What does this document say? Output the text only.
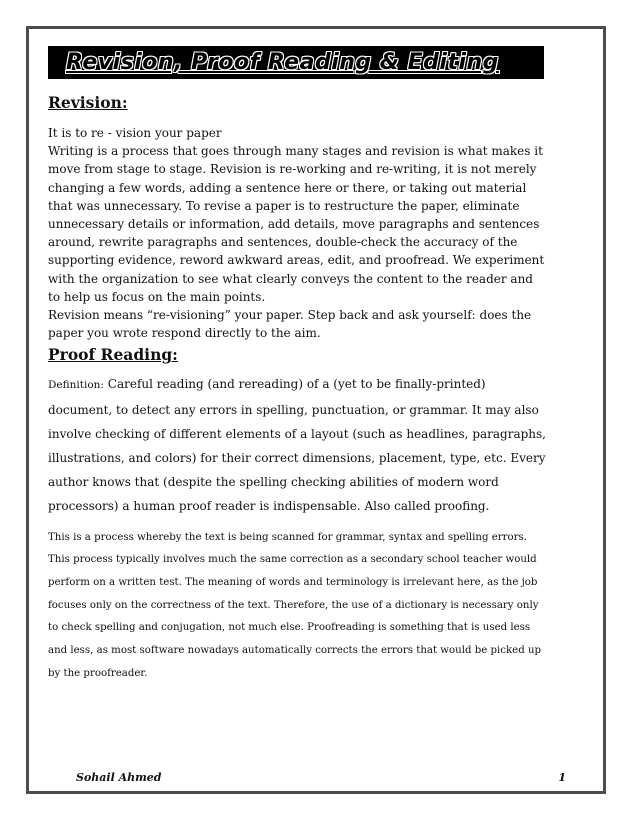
Revision, Proof Reading & Editing

Revision:

It is to re - vision your paper

Writing is a process that goes through many stages and revision is what makes it move from stage to stage. Revision is re-working and re-writing, it is not merely changing a few words, adding a sentence here or there, or taking out material that was unnecessary. To revise a paper is to restructure the paper, eliminate unnecessary details or information, add details, move paragraphs and sentences around, rewrite paragraphs and sentences, double-check the accuracy of the supporting evidence, reword awkward areas, edit, and proofread. We experiment with the organization to see what clearly conveys the content to the reader and to help us focus on the main points.

Revision means “re-visioning” your paper. Step back and ask yourself: does the paper you wrote respond directly to the aim.

Proof Reading:

Definition: Careful reading (and rereading) of a (yet to be finally-printed) document, to detect any errors in spelling, punctuation, or grammar. It may also involve checking of different elements of a layout (such as headlines, paragraphs, illustrations, and colors) for their correct dimensions, placement, type, etc. Every author knows that (despite the spelling checking abilities of modern word processors) a human proof reader is indispensable. Also called proofing.

This is a process whereby the text is being scanned for grammar, syntax and spelling errors. This process typically involves much the same correction as a secondary school teacher would perform on a written test. The meaning of words and terminology is irrelevant here, as the job focuses only on the correctness of the text. Therefore, the use of a dictionary is necessary only to check spelling and conjugation, not much else. Proofreading is something that is used less and less, as most software nowadays automatically corrects the errors that would be picked up by the proofreader.

Sohail Ahmed	1
